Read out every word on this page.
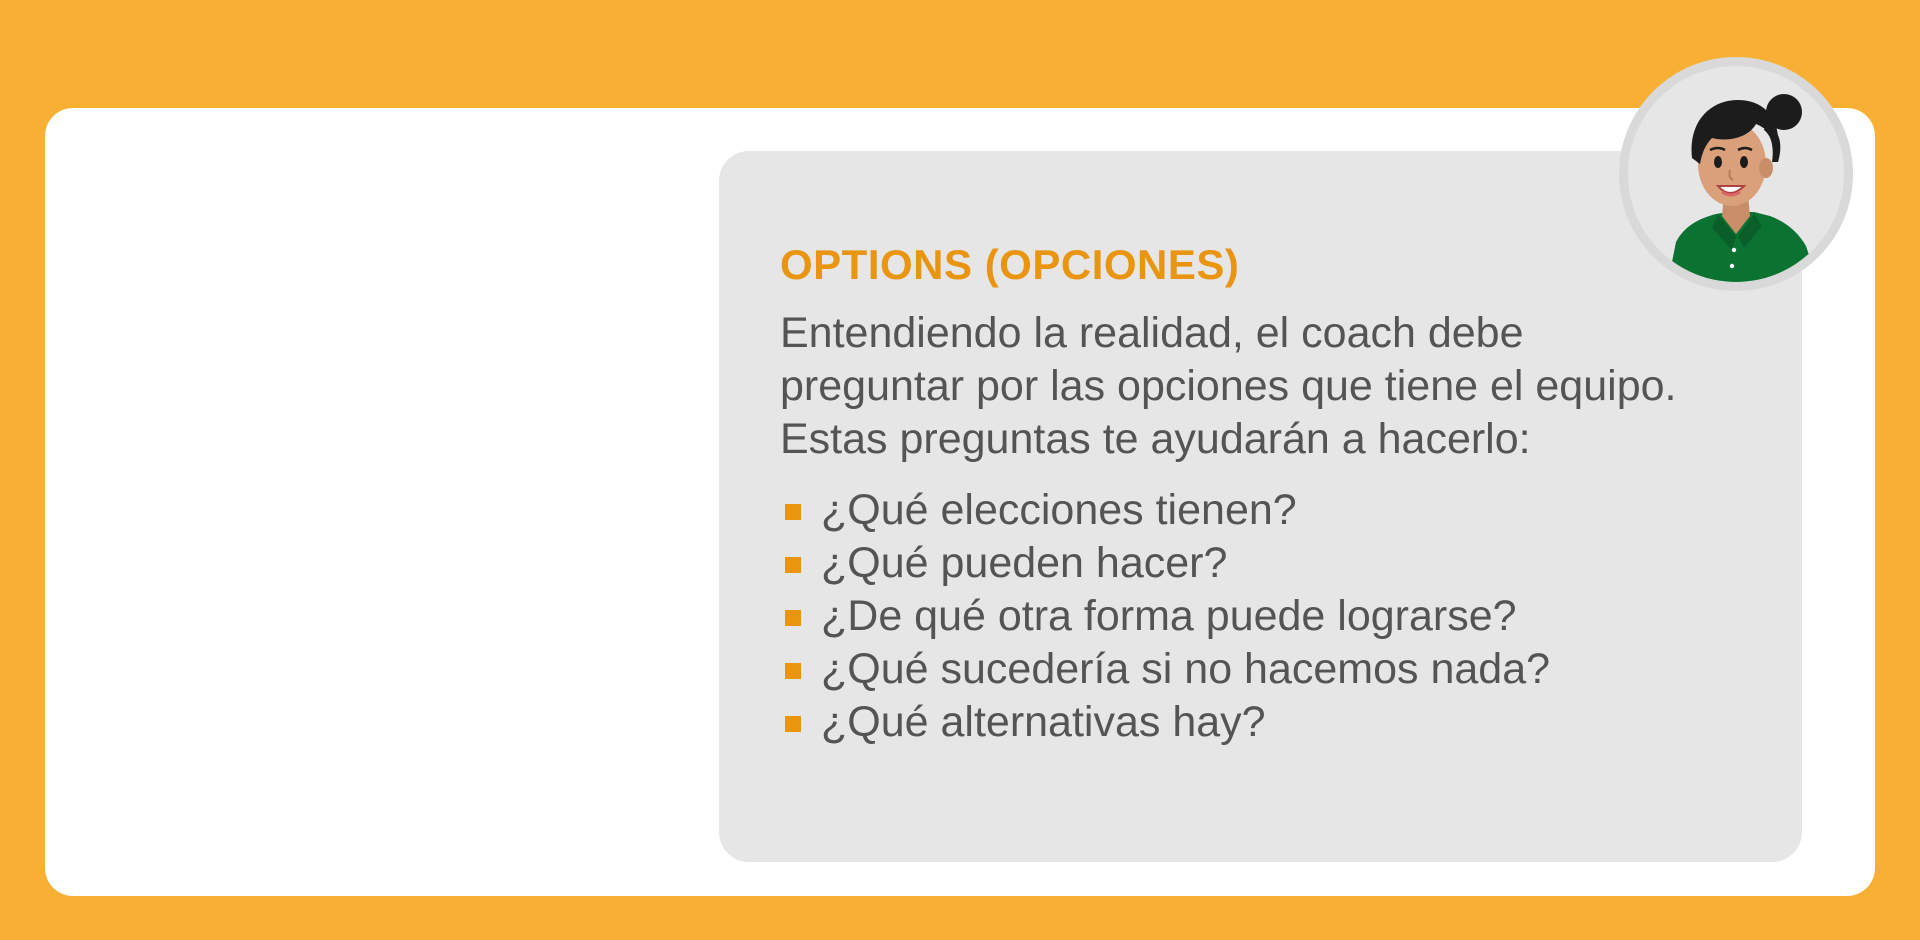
OPTIONS (OPCIONES)

Entendiendo la realidad, el coach debe preguntar por las opciones que tiene el equipo. Estas preguntas te ayudarán a hacerlo:

¿Qué elecciones tienen?
¿Qué pueden hacer?
¿De qué otra forma puede lograrse?
¿Qué sucedería si no hacemos nada?
¿Qué alternativas hay?
